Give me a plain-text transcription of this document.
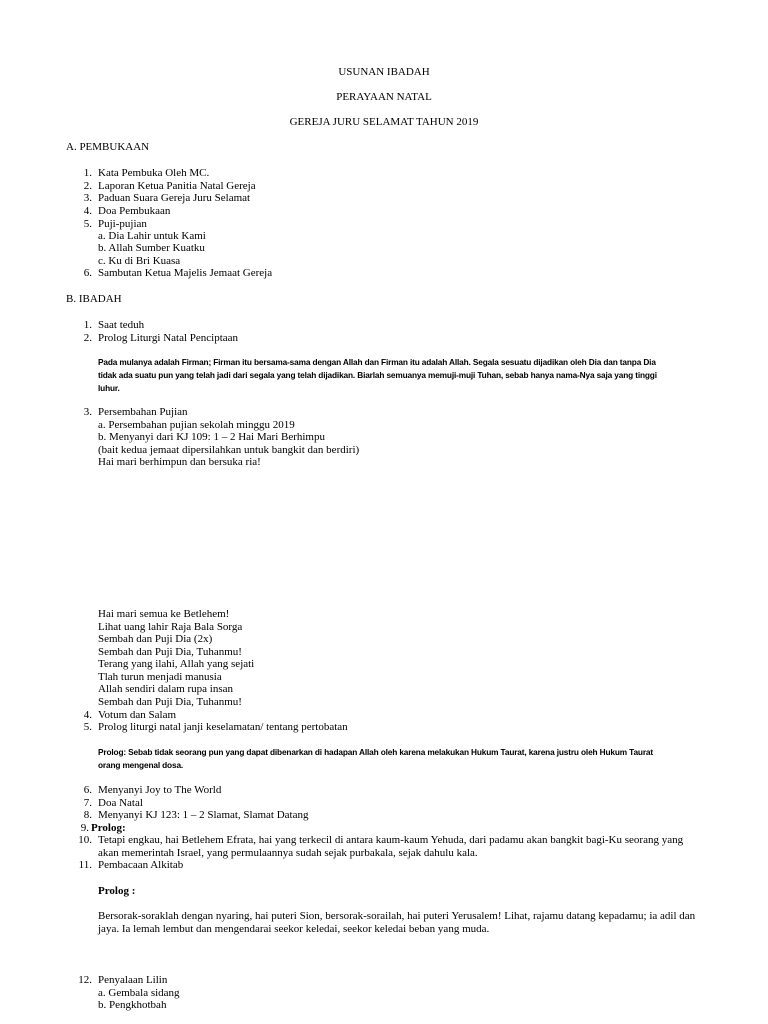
USUNAN IBADAH
PERAYAAN NATAL
GEREJA JURU SELAMAT TAHUN 2019
A. PEMBUKAAN
1. Kata Pembuka Oleh MC.
2. Laporan Ketua Panitia Natal Gereja
3. Paduan Suara Gereja Juru Selamat
4. Doa Pembukaan
5. Puji-pujian
a. Dia Lahir untuk Kami
b. Allah Sumber Kuatku
c. Ku di Bri Kuasa
6. Sambutan Ketua Majelis Jemaat Gereja
B. IBADAH
1. Saat teduh
2. Prolog Liturgi Natal Penciptaan
Pada mulanya adalah Firman; Firman itu bersama-sama dengan Allah dan Firman itu adalah Allah. Segala sesuatu dijadikan oleh Dia dan tanpa Dia
tidak ada suatu pun yang telah jadi dari segala yang telah dijadikan. Biarlah semuanya memuji-muji Tuhan, sebab hanya nama-Nya saja yang tinggi
luhur.
3. Persembahan Pujian
a. Persembahan pujian sekolah minggu 2019
b. Menyanyi dari KJ 109: 1 – 2 Hai Mari Berhimpu
(bait kedua jemaat dipersilahkan untuk bangkit dan berdiri)
Hai mari berhimpun dan bersuka ria!
Hai mari semua ke Betlehem!
Lihat uang lahir Raja Bala Sorga
Sembah dan Puji Dia (2x)
Sembah dan Puji Dia, Tuhanmu!
Terang yang ilahi, Allah yang sejati
Tlah turun menjadi manusia
Allah sendiri dalam rupa insan
Sembah dan Puji Dia, Tuhanmu!
4. Votum dan Salam
5. Prolog liturgi natal janji keselamatan/ tentang pertobatan
Prolog: Sebab tidak seorang pun yang dapat dibenarkan di hadapan Allah oleh karena melakukan Hukum Taurat, karena justru oleh Hukum Taurat
orang mengenal dosa.
6. Menyanyi Joy to The World
7. Doa Natal
8. Menyanyi KJ 123: 1 – 2 Slamat, Slamat Datang
9. Prolog:
10. Tetapi engkau, hai Betlehem Efrata, hai yang terkecil di antara kaum-kaum Yehuda, dari padamu akan bangkit bagi-Ku seorang yang
akan memerintah Israel, yang permulaannya sudah sejak purbakala, sejak dahulu kala.
11. Pembacaan Alkitab
Prolog :
Bersorak-soraklah dengan nyaring, hai puteri Sion, bersorak-sorailah, hai puteri Yerusalem! Lihat, rajamu datang kepadamu; ia adil dan
jaya. Ia lemah lembut dan mengendarai seekor keledai, seekor keledai beban yang muda.
12. Penyalaan Lilin
a. Gembala sidang
b. Pengkhotbah
